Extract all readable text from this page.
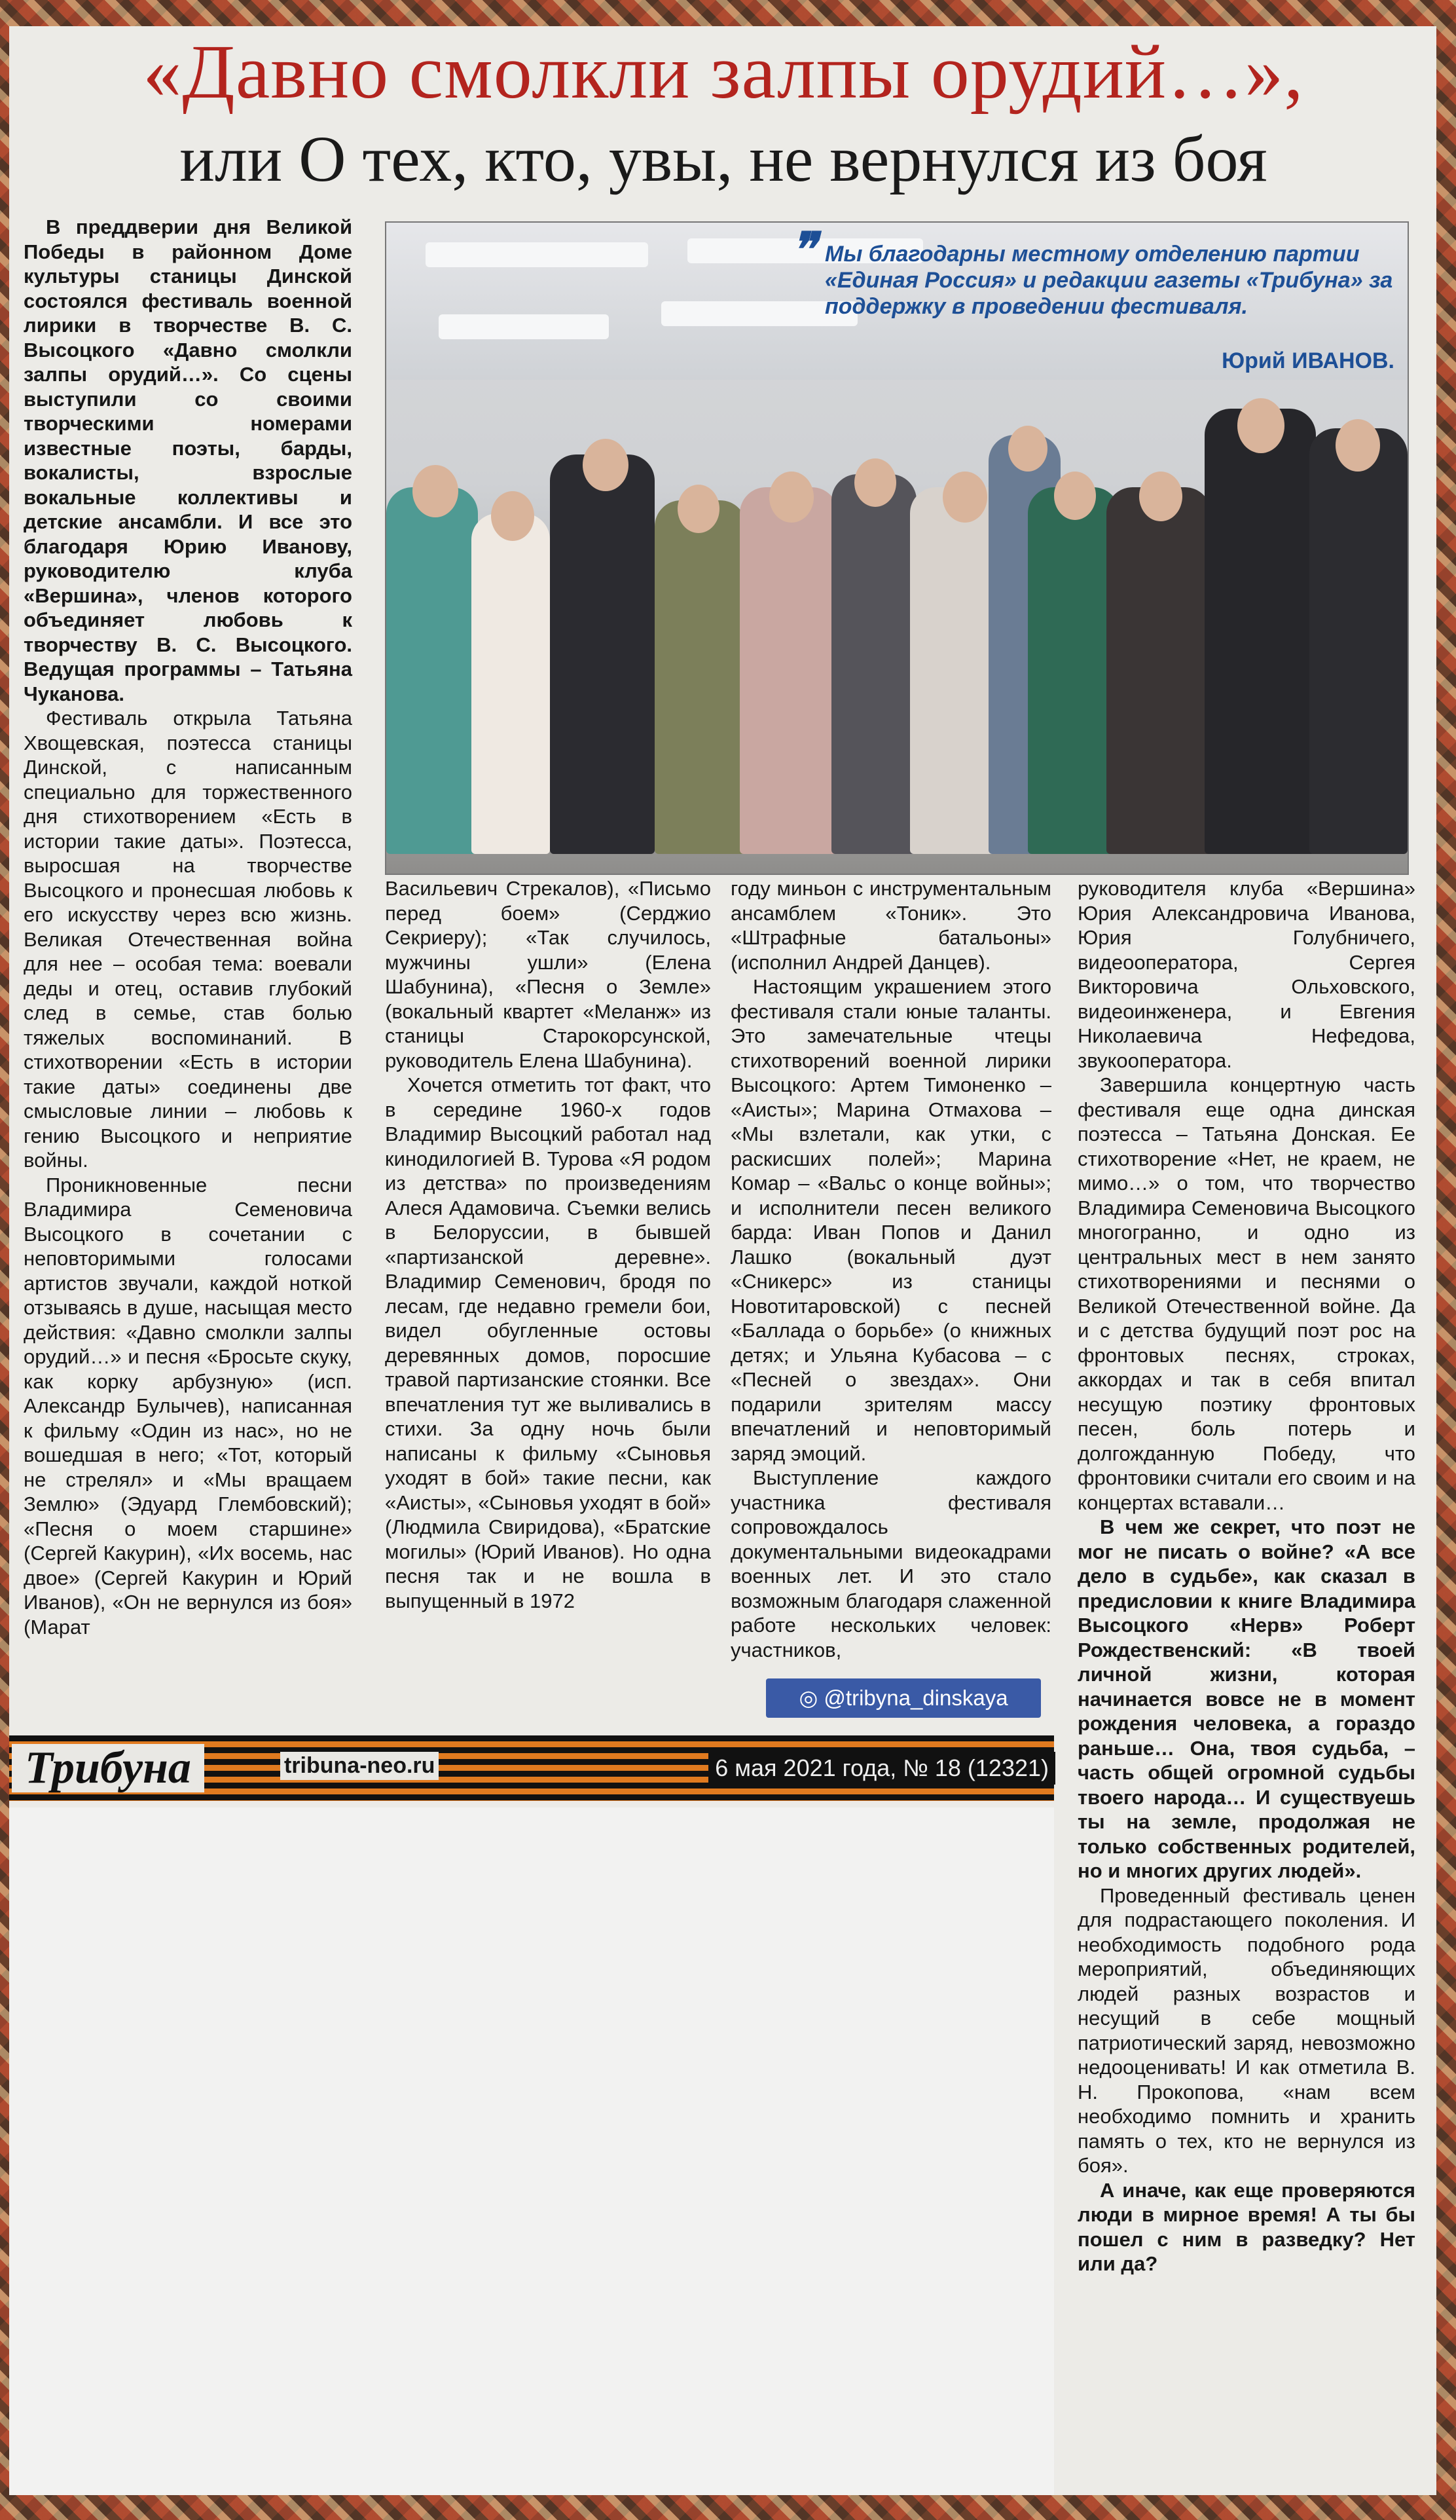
«Давно смолкли залпы орудий…»,
или О тех, кто, увы, не вернулся из боя

В преддверии дня Великой Победы в районном Доме культуры станицы Динской состоялся фестиваль военной лирики в творчестве В. С. Высоцкого «Давно смолкли залпы орудий…». Со сцены выступили со своими творческими номерами известные поэты, барды, вокалисты, взрослые вокальные коллективы и детские ансамбли. И все это благодаря Юрию Иванову, руководителю клуба «Вершина», членов которого объединяет любовь к творчеству В. С. Высоцкого. Ведущая программы – Татьяна Чуканова.

Фестиваль открыла Татьяна Хвощевская, поэтесса станицы Динской, с написанным специально для торжественного дня стихотворением «Есть в истории такие даты». Поэтесса, выросшая на творчестве Высоцкого и пронесшая любовь к его искусству через всю жизнь. Великая Отечественная война для нее – особая тема: воевали деды и отец, оставив глубокий след в семье, став болью тяжелых воспоминаний. В стихотворении «Есть в истории такие даты» соединены две смысловые линии – любовь к гению Высоцкого и неприятие войны.

Проникновенные песни Владимира Семеновича Высоцкого в сочетании с неповторимыми голосами артистов звучали, каждой ноткой отзываясь в душе, насыщая место действия: «Давно смолкли залпы орудий…» и песня «Бросьте скуку, как корку арбузную» (исп. Александр Булычев), написанная к фильму «Один из нас», но не вошедшая в него; «Тот, который не стрелял» и «Мы вращаем Землю» (Эдуард Глембовский); «Песня о моем старшине» (Сергей Какурин), «Их восемь, нас двое» (Сергей Какурин и Юрий Иванов), «Он не вернулся из боя» (Марат

❞ Мы благодарны местному отделению партии «Единая Россия» и редакции газеты «Трибуна» за поддержку в проведении фестиваля.
Юрий ИВАНОВ.

Васильевич Стрекалов), «Письмо перед боем» (Серджио Секриеру); «Так случилось, мужчины ушли» (Елена Шабунина), «Песня о Земле» (вокальный квартет «Меланж» из станицы Старокорсунской, руководитель Елена Шабунина).

Хочется отметить тот факт, что в середине 1960-х годов Владимир Высоцкий работал над кинодилогией В. Турова «Я родом из детства» по произведениям Алеся Адамовича. Съемки велись в Белоруссии, в бывшей «партизанской деревне». Владимир Семенович, бродя по лесам, где недавно гремели бои, видел обугленные остовы деревянных домов, поросшие травой партизанские стоянки. Все впечатления тут же выливались в стихи. За одну ночь были написаны к фильму «Сыновья уходят в бой» такие песни, как «Аисты», «Сыновья уходят в бой» (Людмила Свиридова), «Братские могилы» (Юрий Иванов). Но одна песня так и не вошла в выпущенный в 1972

году миньон с инструментальным ансамблем «Тоник». Это «Штрафные батальоны» (исполнил Андрей Данцев).

Настоящим украшением этого фестиваля стали юные таланты. Это замечательные чтецы стихотворений военной лирики Высоцкого: Артем Тимоненко – «Аисты»; Марина Отмахова – «Мы взлетали, как утки, с раскисших полей»; Марина Комар – «Вальс о конце войны»; и исполнители песен великого барда: Иван Попов и Данил Лашко (вокальный дуэт «Сникерс» из станицы Новотитаровской) с песней «Баллада о борьбе» (о книжных детях; и Ульяна Кубасова – с «Песней о звездах». Они подарили зрителям массу впечатлений и неповторимый заряд эмоций.

Выступление каждого участника фестиваля сопровождалось документальными видеокадрами военных лет. И это стало возможным благодаря слаженной работе нескольких человек: участников,

руководителя клуба «Вершина» Юрия Александровича Иванова, Юрия Голубничего, видеооператора, Сергея Викторовича Ольховского, видеоинженера, и Евгения Николаевича Нефедова, звукооператора.

Завершила концертную часть фестиваля еще одна динская поэтесса – Татьяна Донская. Ее стихотворение «Нет, не краем, не мимо…» о том, что творчество Владимира Семеновича Высоцкого многогранно, и одно из центральных мест в нем занято стихотворениями и песнями о Великой Отечественной войне. Да и с детства будущий поэт рос на фронтовых песнях, строках, аккордах и так в себя впитал несущую поэтику фронтовых песен, боль потерь и долгожданную Победу, что фронтовики считали его своим и на концертах вставали…

В чем же секрет, что поэт не мог не писать о войне? «А все дело в судьбе», как сказал в предисловии к книге Владимира Высоцкого «Нерв» Роберт Рождественский: «В твоей личной жизни, которая начинается вовсе не в момент рождения человека, а гораздо раньше… Она, твоя судьба, – часть общей огромной судьбы твоего народа… И существуешь ты на земле, продолжая не только собственных родителей, но и многих других людей».

Проведенный фестиваль ценен для подрастающего поколения. И необходимость подобного рода мероприятий, объединяющих людей разных возрастов и несущий в себе мощный патриотический заряд, невозможно недооценивать! И как отметила В. Н. Прокопова, «нам всем необходимо помнить и хранить память о тех, кто не вернулся из боя».

А иначе, как еще проверяются люди в мирное время! А ты бы пошел с ним в разведку? Нет или да?

◎ @tribyna_dinskaya
Трибуна	tribuna-neo.ru	6 мая 2021 года, № 18 (12321)
